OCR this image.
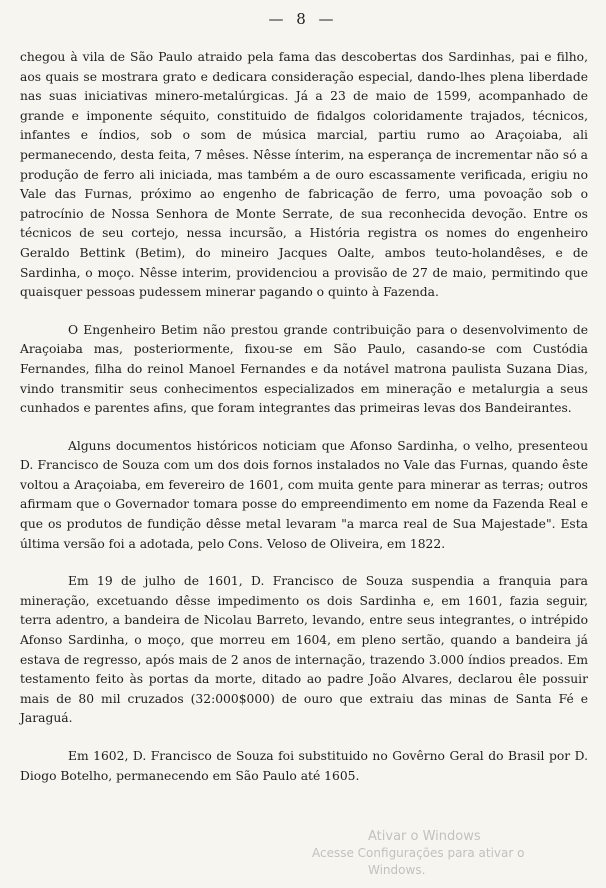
— 8 —

chegou à vila de São Paulo atraido pela fama das descobertas dos Sardinhas, pai e filho, aos quais se mostrara grato e dedicara consideração especial, dando-lhes plena liberdade nas suas iniciativas minero-metalúrgicas. Já a 23 de maio de 1599, acompanhado de grande e imponente séquito, constituido de fidalgos coloridamente trajados, técnicos, infantes e índios, sob o som de música marcial, partiu rumo ao Araçoiaba, ali permanecendo, desta feita, 7 mêses. Nêsse ínterim, na esperança de incrementar não só a produção de ferro ali iniciada, mas também a de ouro escassamente verificada, erigiu no Vale das Furnas, próximo ao engenho de fabricação de ferro, uma povoação sob o patrocínio de Nossa Senhora de Monte Serrate, de sua reconhecida devoção. Entre os técnicos de seu cortejo, nessa incursão, a História registra os nomes do engenheiro Geraldo Bettink (Betim), do mineiro Jacques Oalte, ambos teuto-holandêses, e de Sardinha, o moço. Nêsse interim, providenciou a provisão de 27 de maio, permitindo que quaisquer pessoas pudessem minerar pagando o quinto à Fazenda.

O Engenheiro Betim não prestou grande contribuição para o desenvolvimento de Araçoiaba mas, posteriormente, fixou-se em São Paulo, casando-se com Custódia Fernandes, filha do reinol Manoel Fernandes e da notável matrona paulista Suzana Dias, vindo transmitir seus conhecimentos especializados em mineração e metalurgia a seus cunhados e parentes afins, que foram integrantes das primeiras levas dos Bandeirantes.

Alguns documentos históricos noticiam que Afonso Sardinha, o velho, presenteou D. Francisco de Souza com um dos dois fornos instalados no Vale das Furnas, quando êste voltou a Araçoiaba, em fevereiro de 1601, com muita gente para minerar as terras; outros afirmam que o Governador tomara posse do empreendimento em nome da Fazenda Real e que os produtos de fundição dêsse metal levaram "a marca real de Sua Majestade". Esta última versão foi a adotada, pelo Cons. Veloso de Oliveira, em 1822.

Em 19 de julho de 1601, D. Francisco de Souza suspendia a franquia para mineração, excetuando dêsse impedimento os dois Sardinha e, em 1601, fazia seguir, terra adentro, a bandeira de Nicolau Barreto, levando, entre seus integrantes, o intrépido Afonso Sardinha, o moço, que morreu em 1604, em pleno sertão, quando a bandeira já estava de regresso, após mais de 2 anos de internação, trazendo 3.000 índios preados. Em testamento feito às portas da morte, ditado ao padre João Alvares, declarou êle possuir mais de 80 mil cruzados (32:000$000) de ouro que extraiu das minas de Santa Fé e Jaraguá.

Em 1602, D. Francisco de Souza foi substituido no Govêrno Geral do Brasil por D. Diogo Botelho, permanecendo em São Paulo até 1605.

Ativar o Windows
Acesse Configurações para ativar o
Windows.
